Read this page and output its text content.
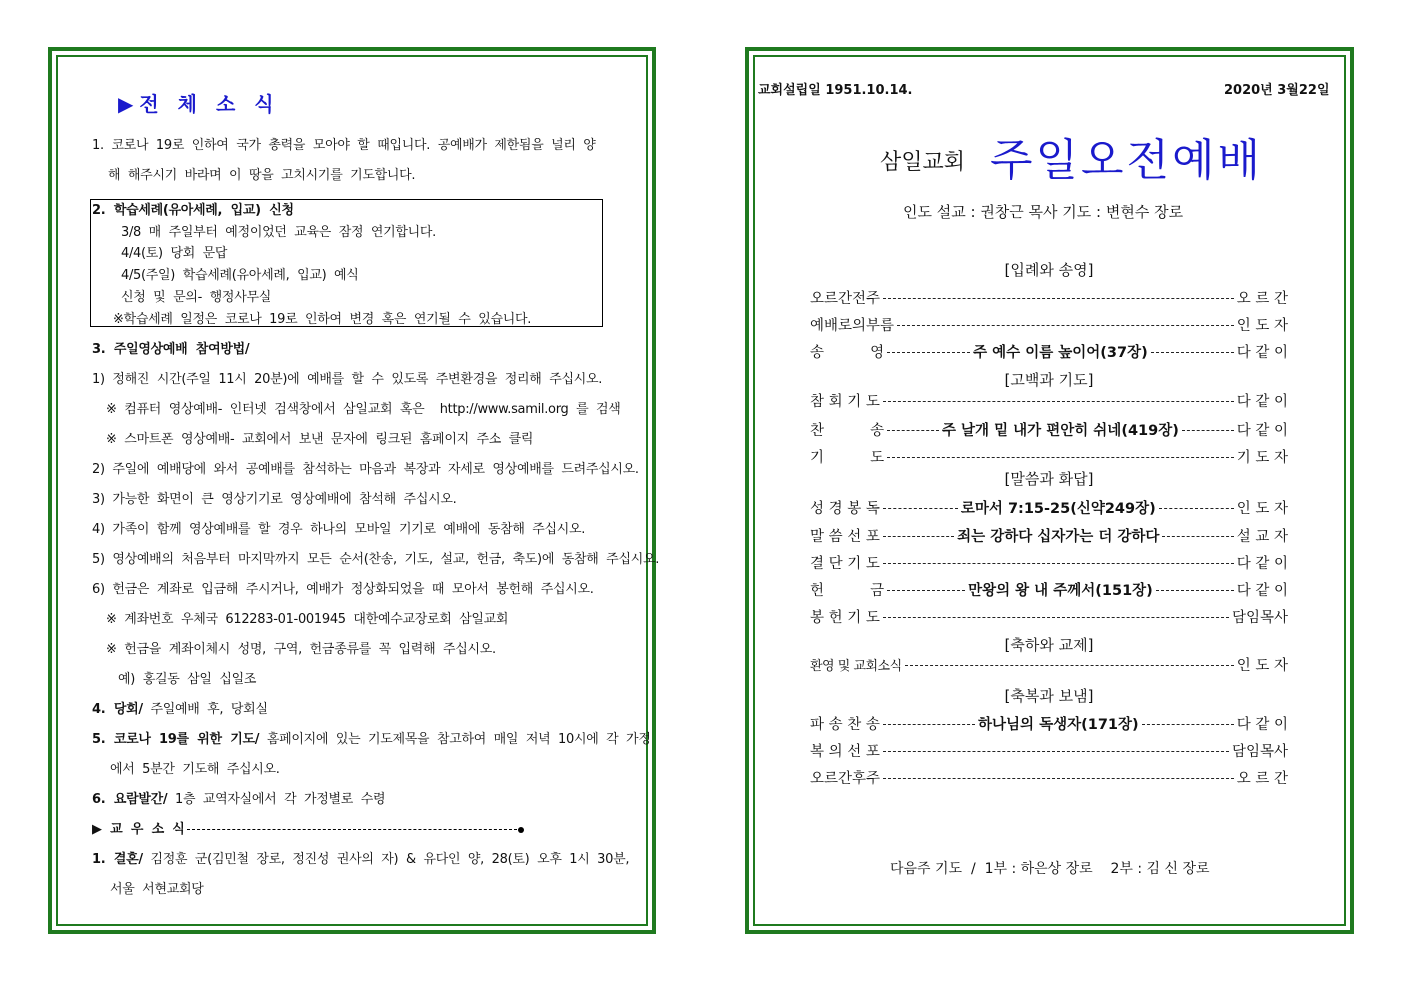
▶전 체 소 식
1.  코로나  19로  인하여  국가  총력을  모아야  할  때입니다.  공예배가  제한됨을  널리  양
해  해주시기  바라며  이  땅을  고치시기를  기도합니다.
2.  학습세례(유아세례,  입교)  신청
3/8  매  주일부터  예정이었던  교육은  잠정  연기합니다.
4/4(토)  당회  문답
4/5(주일)  학습세례(유아세례,  입교)  예식
신청  및  문의-  행정사무실
※학습세례  일정은  코로나  19로  인하여  변경  혹은  연기될  수  있습니다.
3.  주일영상예배  참여방법/
1)  정해진  시간(주일  11시  20분)에  예배를  할  수  있도록  주변환경을  정리해  주십시오.
※  컴퓨터  영상예배-  인터넷  검색창에서  삼일교회  혹은    http://www.samil.org  를  검색
※  스마트폰  영상예배-  교회에서  보낸  문자에  링크된  홈페이지  주소  클릭
2)  주일에  예배당에  와서  공예배를  참석하는  마음과  복장과  자세로  영상예배를  드려주십시오.
3)  가능한  화면이  큰  영상기기로  영상예배에  참석해  주십시오.
4)  가족이  함께  영상예배를  할  경우  하나의  모바일  기기로  예배에  동참해  주십시오.
5)  영상예배의  처음부터  마지막까지  모든  순서(찬송,  기도,  설교,  헌금,  축도)에  동참해  주십시오.
6)  헌금은  계좌로  입금해  주시거나,  예배가  정상화되었을  때  모아서  봉헌해  주십시오.
※  계좌번호  우체국  612283-01-001945  대한예수교장로회  삼일교회
※  헌금을  계좌이체시  성명,  구역,  헌금종류를  꼭  입력해  주십시오.
예)  홍길동  삼일  십일조
4.  당회/  주일예배  후,  당회실
5.  코로나  19를  위한  기도/  홈페이지에  있는  기도제목을  참고하여  매일  저녁  10시에  각  가정
에서  5분간  기도해  주십시오.
6.  요람발간/  1층  교역자실에서  각  가정별로  수령
▶  교  우  소  식
1.  결혼/  김정훈  군(김민철  장로,  정진성  권사의  자)  &  유다인  양,  28(토)  오후  1시  30분,
서울  서현교회당
교회설립일 1951.10.14.	2020년 3월22일
삼일교회 주일오전예배
인도 설교 : 권창근 목사 기도 : 변현수 장로
[입례와 송영]
오르간전주	오 르 간
예배로의부름	인 도 자
송          영	주 예수 이름 높이어(37장)	다 같 이
[고백과 기도]
참 회 기 도	다 같 이
찬          송	주 날개 밑 내가 편안히 쉬네(419장)	다 같 이
기          도	기 도 자
[말씀과 화답]
성 경 봉 독	로마서 7:15-25(신약249장)	인 도 자
말 씀 선 포	죄는 강하다 십자가는 더 강하다	설 교 자
결 단 기 도	다 같 이
헌          금	만왕의 왕 내 주께서(151장)	다 같 이
봉 헌 기 도	담임목사
[축하와 교제]
환영 및 교회소식	인 도 자
[축복과 보냄]
파 송 찬 송	하나님의 독생자(171장)	다 같 이
복 의 선 포	담임목사
오르간후주	오 르 간
다음주 기도  /  1부 : 하은상 장로    2부 : 김 신 장로
